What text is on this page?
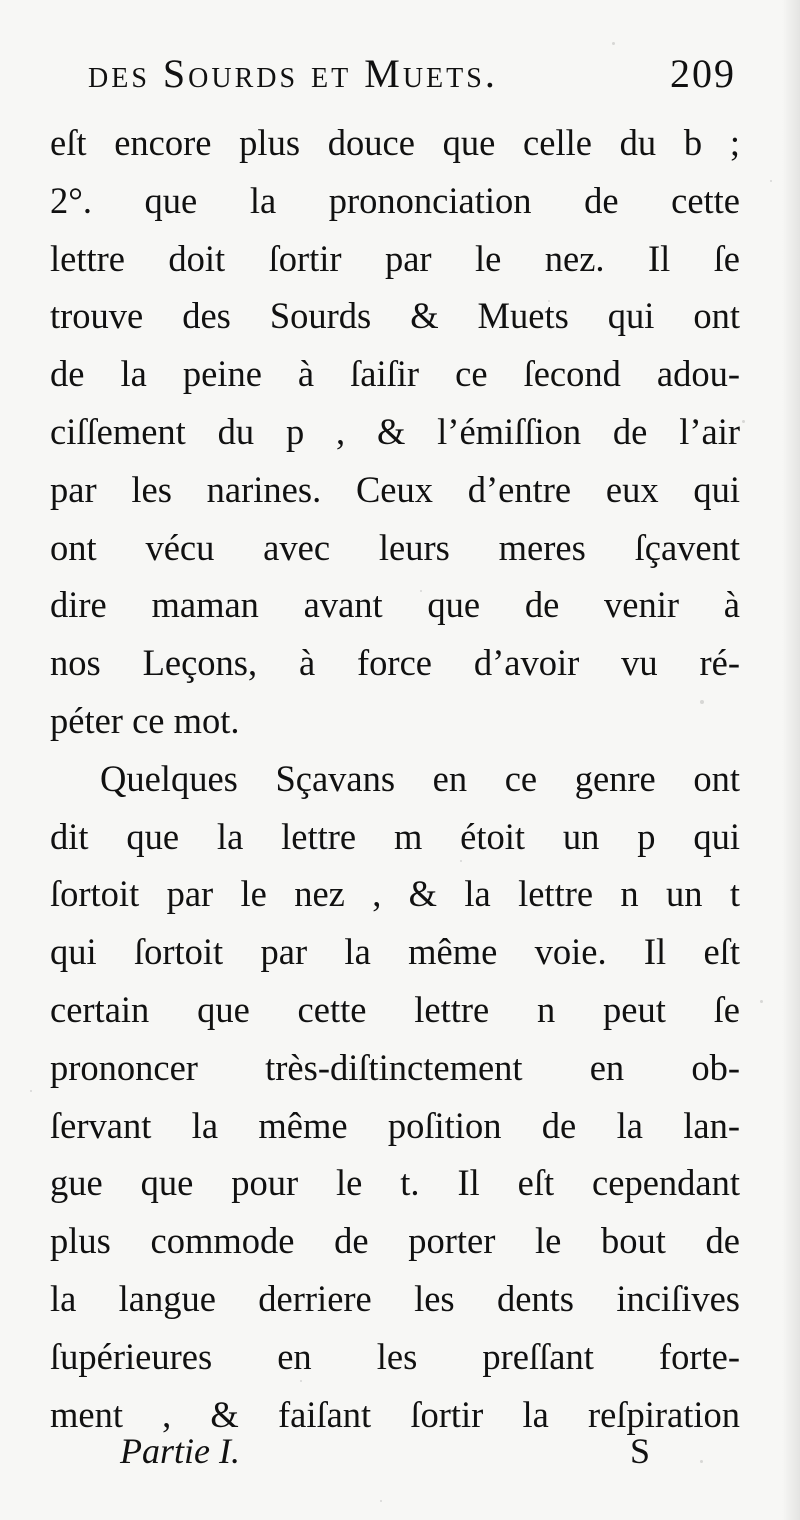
des Sourds et Muets.	209
eſt encore plus douce que celle du b ;
2°. que la prononciation de cette
lettre doit ſortir par le nez. Il ſe
trouve des Sourds & Muets qui ont
de la peine à ſaiſir ce ſecond adou-
ciſſement du p , & l’émiſſion de l’air
par les narines. Ceux d’entre eux qui
ont vécu avec leurs meres ſçavent
dire maman avant que de venir à
nos Leçons, à force d’avoir vu ré-
péter ce mot.
Quelques Sçavans en ce genre ont
dit que la lettre m étoit un p qui
ſortoit par le nez , & la lettre n un t
qui ſortoit par la même voie. Il eſt
certain que cette lettre n peut ſe
prononcer très-diſtinctement en ob-
ſervant la même poſition de la lan-
gue que pour le t. Il eſt cependant
plus commode de porter le bout de
la langue derriere les dents inciſives
ſupérieures en les preſſant forte-
ment , & faiſant ſortir la reſpiration
Partie I.	S
